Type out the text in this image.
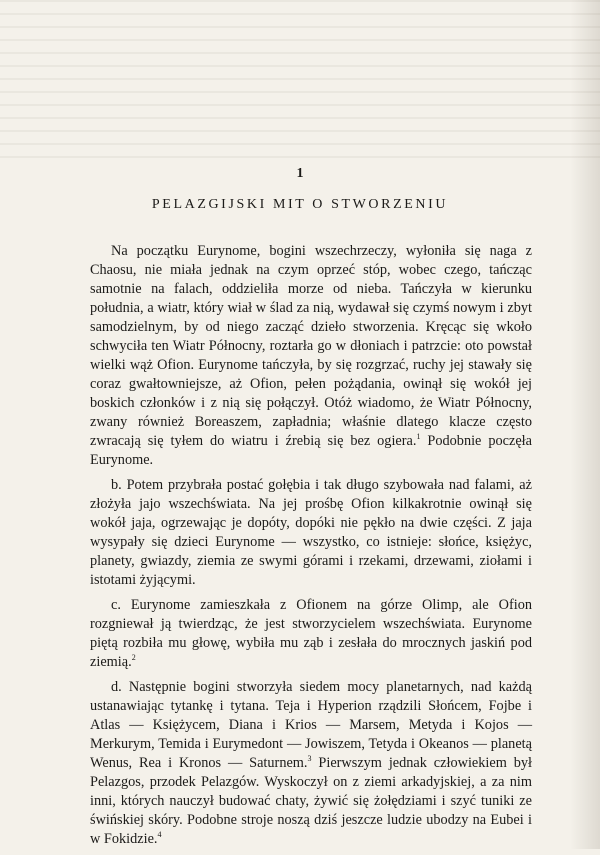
1
PELAZGIJSKI MIT O STWORZENIU

Na początku Eurynome, bogini wszechrzeczy, wyłoniła się naga z Chaosu, nie miała jednak na czym oprzeć stóp, wobec czego, tańcząc samotnie na falach, oddzieliła morze od nieba. Tańczyła w kierunku południa, a wiatr, który wiał w ślad za nią, wydawał się czymś nowym i zbyt samodzielnym, by od niego zacząć dzieło stworzenia. Kręcąc się wkoło schwyciła ten Wiatr Północny, roztarła go w dłoniach i patrzcie: oto powstał wielki wąż Ofion. Eurynome tańczyła, by się rozgrzać, ruchy jej stawały się coraz gwałtowniejsze, aż Ofion, pełen pożądania, owinął się wokół jej boskich członków i z nią się połączył. Otóż wiadomo, że Wiatr Północny, zwany również Boreaszem, zapładnia; właśnie dlatego klacze często zwracają się tyłem do wiatru i źrebią się bez ogiera.$^1$ Podobnie poczęła Eurynome.

b. Potem przybrała postać gołębia i tak długo szybowała nad falami, aż złożyła jajo wszechświata. Na jej prośbę Ofion kilkakrotnie owinął się wokół jaja, ogrzewając je dopóty, dopóki nie pękło na dwie części. Z jaja wysypały się dzieci Eurynome — wszystko, co istnieje: słońce, księżyc, planety, gwiazdy, ziemia ze swymi górami i rzekami, drzewami, ziołami i istotami żyjącymi.

c. Eurynome zamieszkała z Ofionem na górze Olimp, ale Ofion rozgniewał ją twierdząc, że jest stworzycielem wszechświata. Eurynome piętą rozbiła mu głowę, wybiła mu ząb i zesłała do mrocznych jaskiń pod ziemią.$^2$

d. Następnie bogini stworzyła siedem mocy planetarnych, nad każdą ustanawiając tytankę i tytana. Teja i Hyperion rządzili Słońcem, Fojbe i Atlas — Księżycem, Diana i Krios — Marsem, Metyda i Kojos — Merkurym, Temida i Eurymedont — Jowiszem, Tetyda i Okeanos — planetą Wenus, Rea i Kronos — Saturnem.$^3$ Pierwszym jednak człowiekiem był Pelazgos, przodek Pelazgów. Wyskoczył on z ziemi arkadyjskiej, a za nim inni, których nauczył budować chaty, żywić się żołędziami i szyć tuniki ze świńskiej skóry. Podobne stroje noszą dziś jeszcze ludzie ubodzy na Eubei i w Fokidzie.$^4$
